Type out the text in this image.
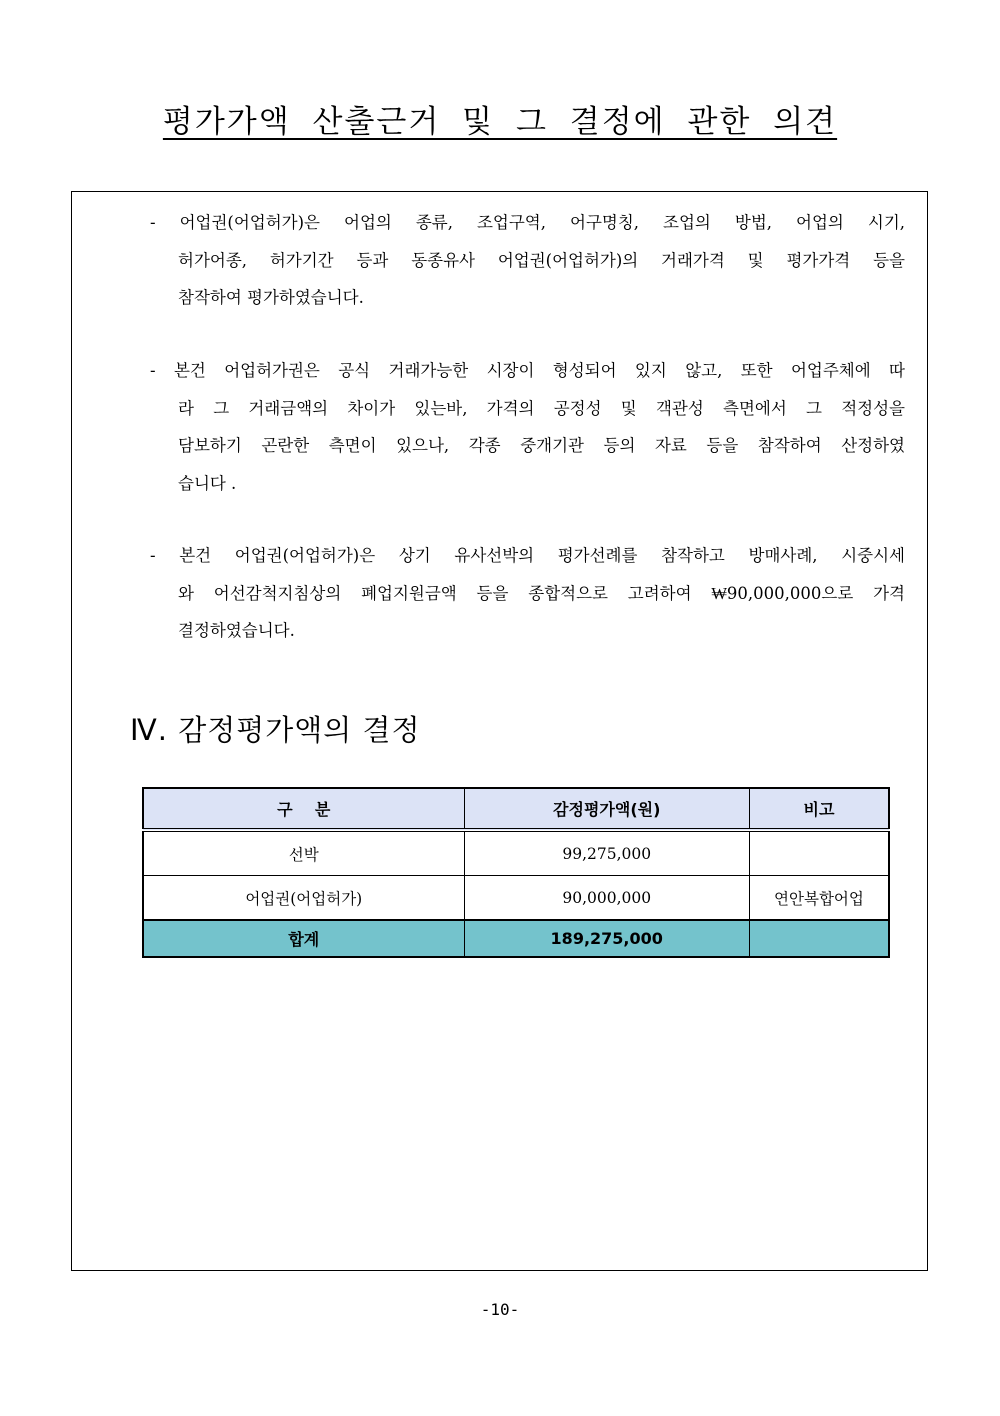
평가가액 산출근거 및 그 결정에 관한 의견
- 어업권(어업허가)은 어업의 종류, 조업구역, 어구명칭, 조업의 방법, 어업의 시기,
허가어종, 허가기간 등과 동종유사 어업권(어업허가)의 거래가격 및 평가가격 등을
참작하여 평가하였습니다.
- 본건 어업허가권은 공식 거래가능한 시장이 형성되어 있지 않고, 또한 어업주체에 따
라 그 거래금액의 차이가 있는바, 가격의 공정성 및 객관성 측면에서 그 적정성을
담보하기 곤란한 측면이 있으나, 각종 중개기관 등의 자료 등을 참작하여 산정하였
습니다 .
- 본건 어업권(어업허가)은 상기 유사선박의 평가선례를 참작하고 방매사례, 시중시세
와 어선감척지침상의 폐업지원금액 등을 종합적으로 고려하여 ₩90,000,000으로 가격
결정하였습니다.
Ⅳ. 감정평가액의 결정
구    분	감정평가액(원)	비고
선박	99,275,000	
어업권(어업허가)	90,000,000	연안복합어업
합계	189,275,000	
-10-
